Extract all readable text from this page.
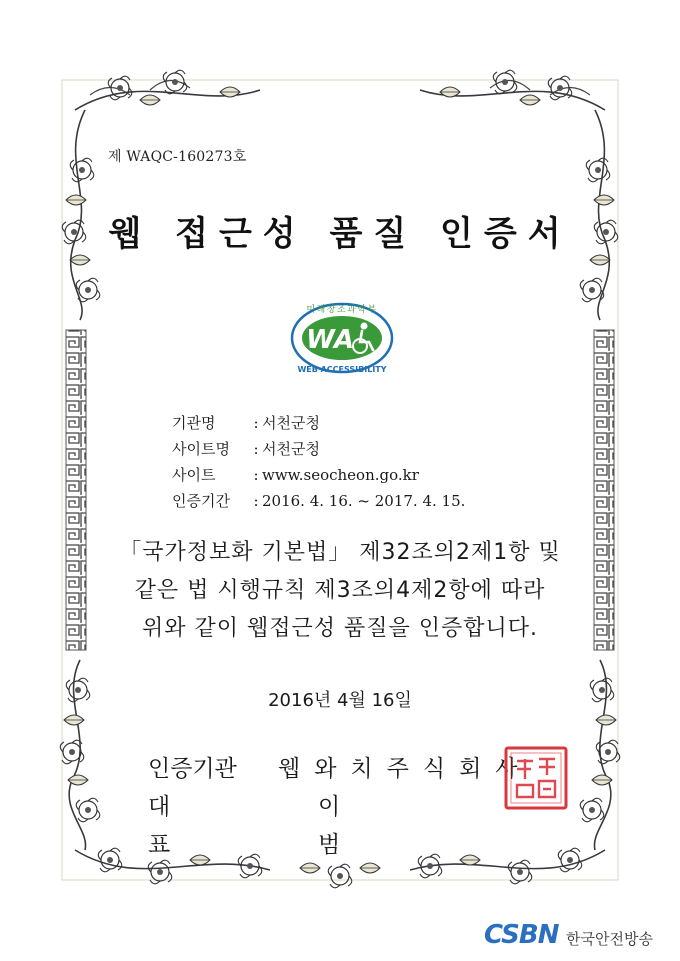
제 WAQC-160273호
웹 접근성 품질 인증서
미래창조과학부
WA
WEB ACCESSIBILITY
기관명	: 서천군청
사이트명	: 서천군청
사이트	: www.seocheon.go.kr
인증기간	: 2016. 4. 16. ~ 2017. 4. 15.
「국가정보화 기본법」 제32조의2제1항 및
같은 법 시행규칙 제3조의4제2항에 따라
위와 같이 웹접근성 품질을 인증합니다.
2016년 4월 16일
인증기관	웹와치주식회사
대 표
이 범
CSBN 한국안전방송
